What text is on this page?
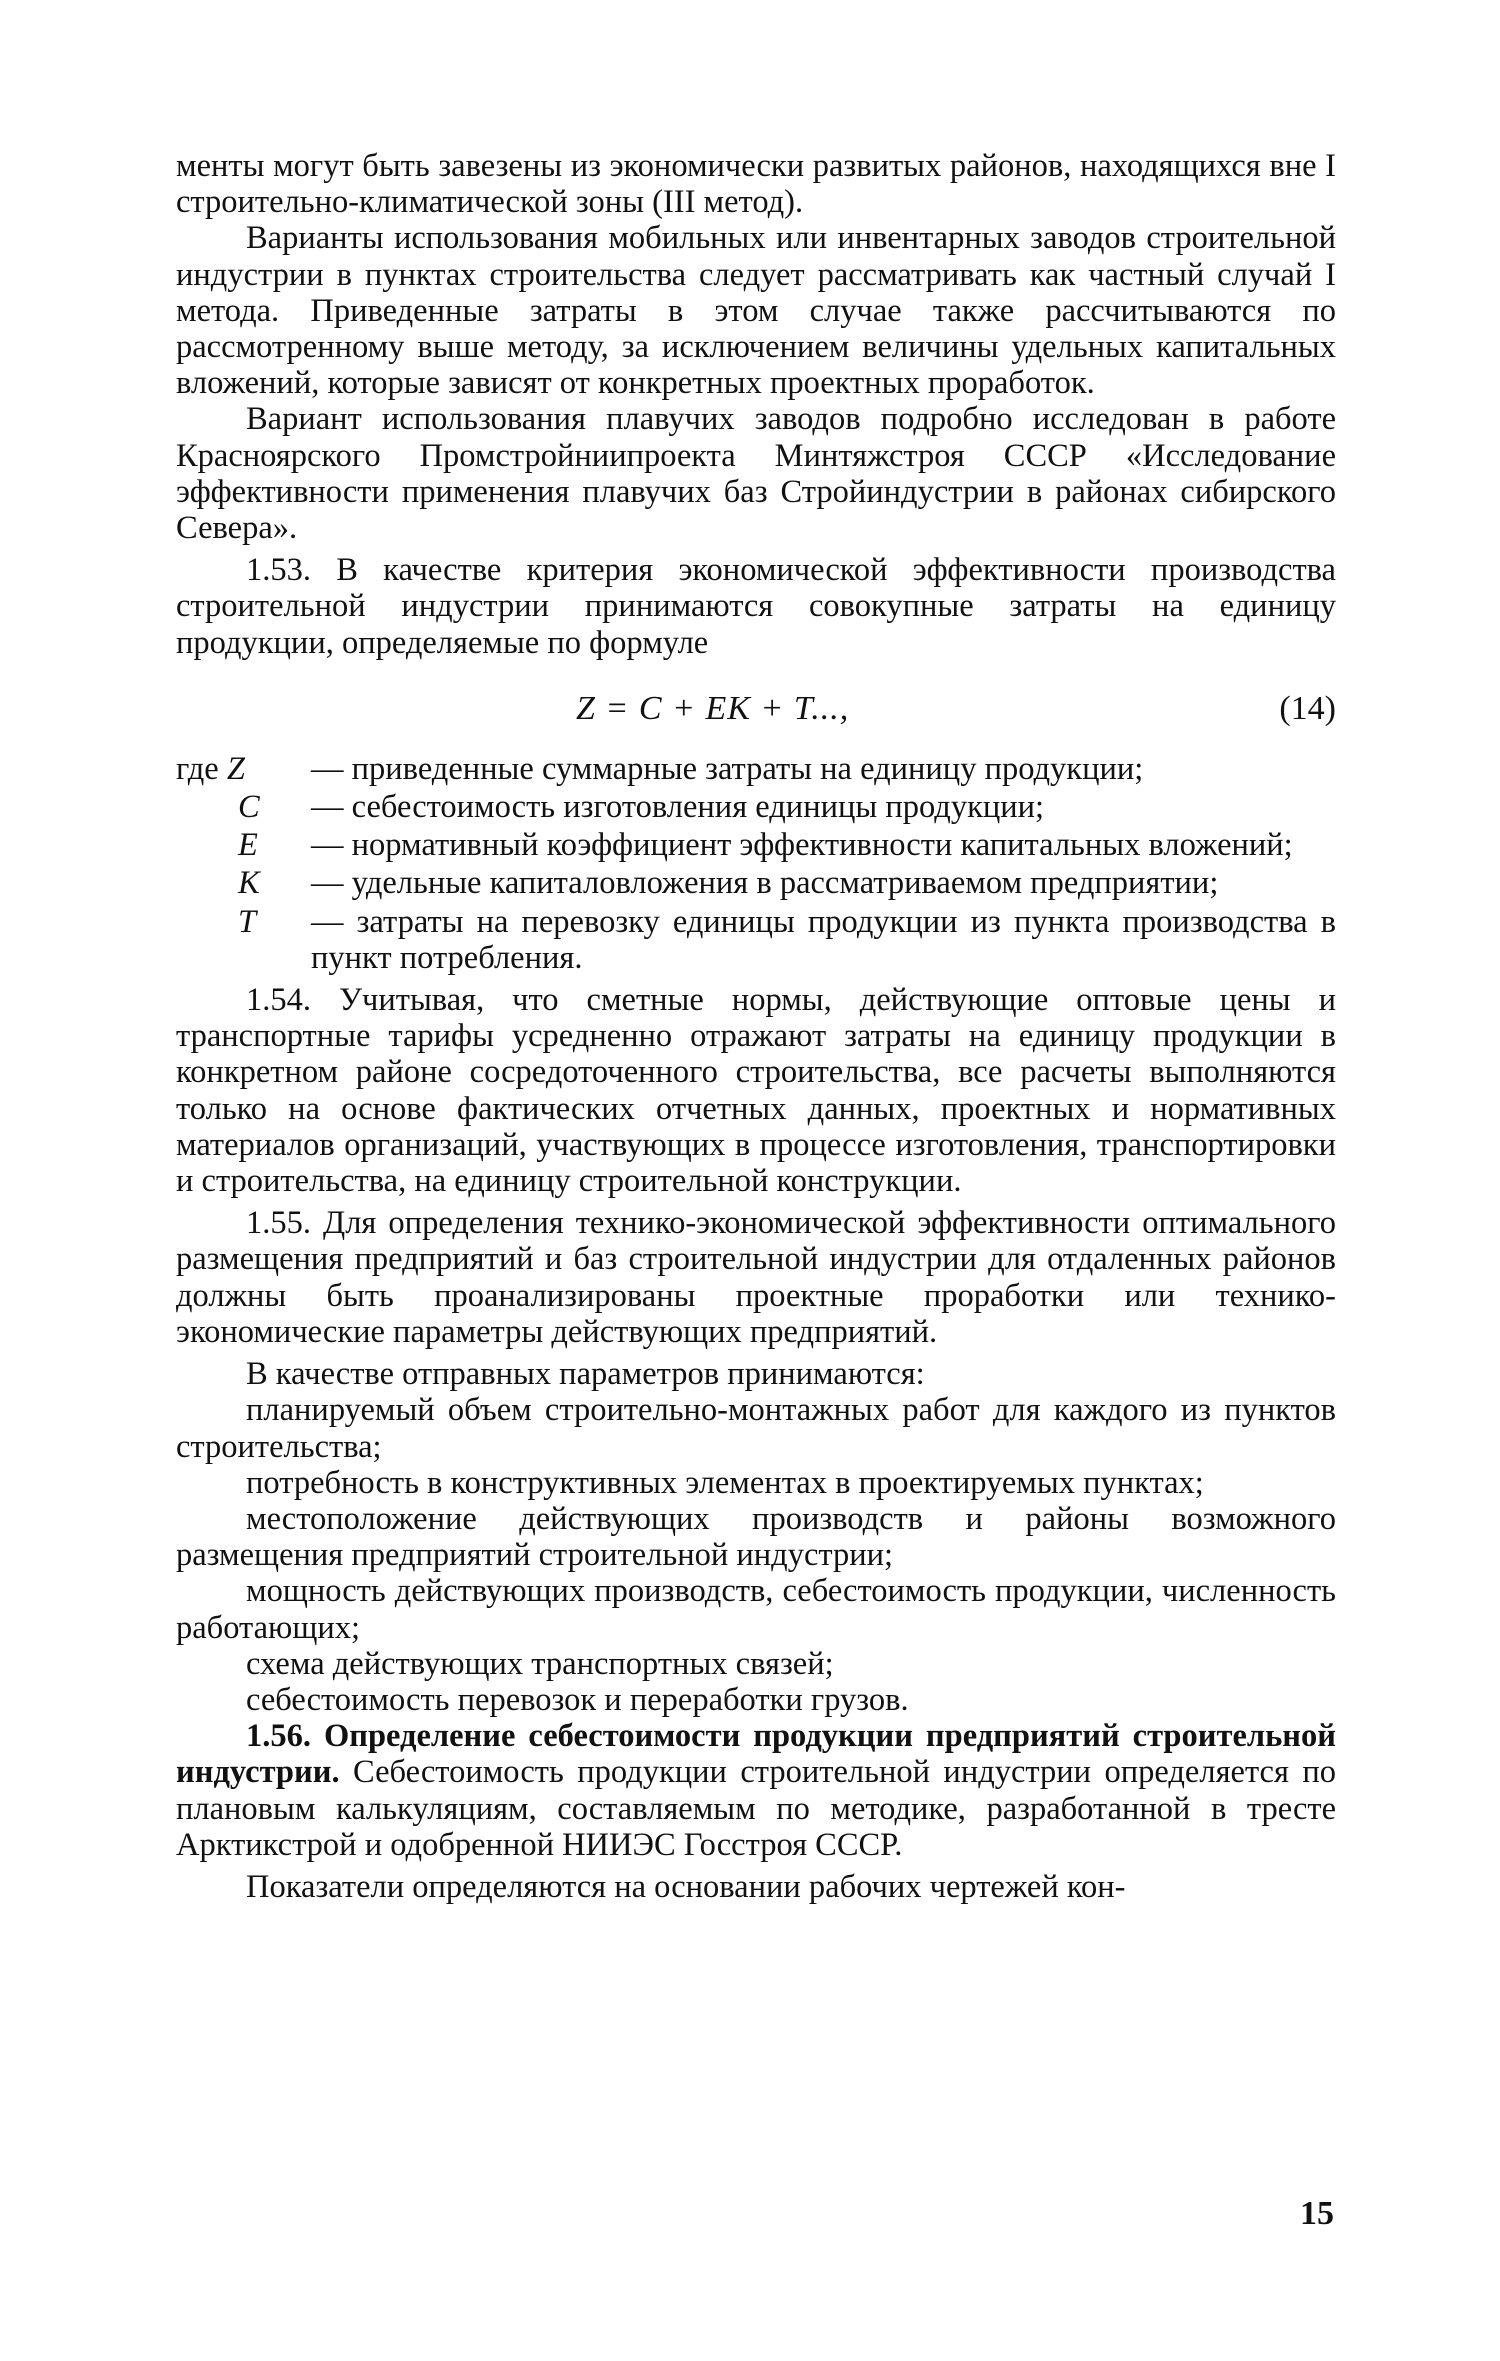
менты могут быть завезены из экономически развитых районов, находящихся вне I строительно-климатической зоны (III метод).

Варианты использования мобильных или инвентарных заводов строительной индустрии в пунктах строительства следует рассматривать как частный случай I метода. Приведенные затраты в этом случае также рассчитываются по рассмотренному выше методу, за исключением величины удельных капитальных вложений, которые зависят от конкретных проектных проработок.

Вариант использования плавучих заводов подробно исследован в работе Красноярского Промстройниипроекта Минтяжстроя СССР «Исследование эффективности применения плавучих баз Стройиндустрии в районах сибирского Севера».

1.53. В качестве критерия экономической эффективности производства строительной индустрии принимаются совокупные затраты на единицу продукции, определяемые по формуле

Z = C + EK + T...,	(14)
где Z	— приведенные суммарные затраты на единицу продукции;
C	— себестоимость изготовления единицы продукции;
E	— нормативный коэффициент эффективности капитальных вложений;
K	— удельные капиталовложения в рассматриваемом предприятии;
T	— затраты на перевозку единицы продукции из пункта производства в пункт потребления.

1.54. Учитывая, что сметные нормы, действующие оптовые цены и транспортные тарифы усредненно отражают затраты на единицу продукции в конкретном районе сосредоточенного строительства, все расчеты выполняются только на основе фактических отчетных данных, проектных и нормативных материалов организаций, участвующих в процессе изготовления, транспортировки и строительства, на единицу строительной конструкции.

1.55. Для определения технико-экономической эффективности оптимального размещения предприятий и баз строительной индустрии для отдаленных районов должны быть проанализированы проектные проработки или технико-экономические параметры действующих предприятий.

В качестве отправных параметров принимаются:

планируемый объем строительно-монтажных работ для каждого из пунктов строительства;

потребность в конструктивных элементах в проектируемых пунктах;

местоположение действующих производств и районы возможного размещения предприятий строительной индустрии;

мощность действующих производств, себестоимость продукции, численность работающих;

схема действующих транспортных связей;

себестоимость перевозок и переработки грузов.

1.56. Определение себестоимости продукции предприятий строительной индустрии. Себестоимость продукции строительной индустрии определяется по плановым калькуляциям, составляемым по методике, разработанной в тресте Арктикстрой и одобренной НИИЭС Госстроя СССР.

Показатели определяются на основании рабочих чертежей кон-

15
